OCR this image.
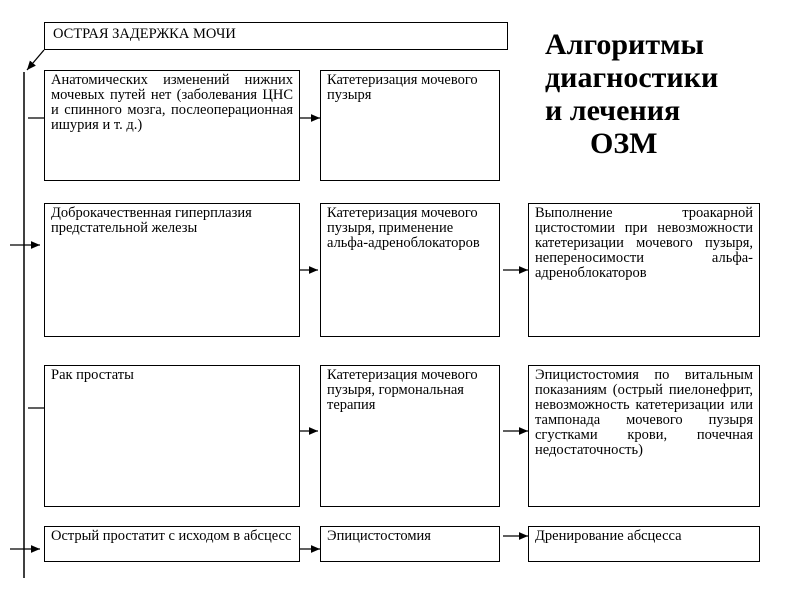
ОСТРАЯ ЗАДЕРЖКА МОЧИ	Алгоритмы
диагностики
и лечения
ОЗМ
Анатомических изменений нижних мочевых путей нет (заболевания ЦНС и спинного мозга, послеоперационная ишурия и т. д.)
Катетеризация мочевого пузыря
Доброкачественная гиперплазия предстательной железы
Катетеризация мочевого пузыря, применение альфа-адреноблокаторов
Выполнение троакарной цистостомии при невозможности катетеризации мочевого пузыря, непереносимости альфа-адреноблокаторов
Рак простаты	Катетеризация мочевого пузыря, гормональная терапия
Эпицистостомия по витальным показаниям (острый пиелонефрит, невозможность катетеризации или тампонада мочевого пузыря сгустками крови, почечная недостаточность)
Острый простатит с исходом в абсцесс	Эпицистостомия	Дренирование абсцесса
